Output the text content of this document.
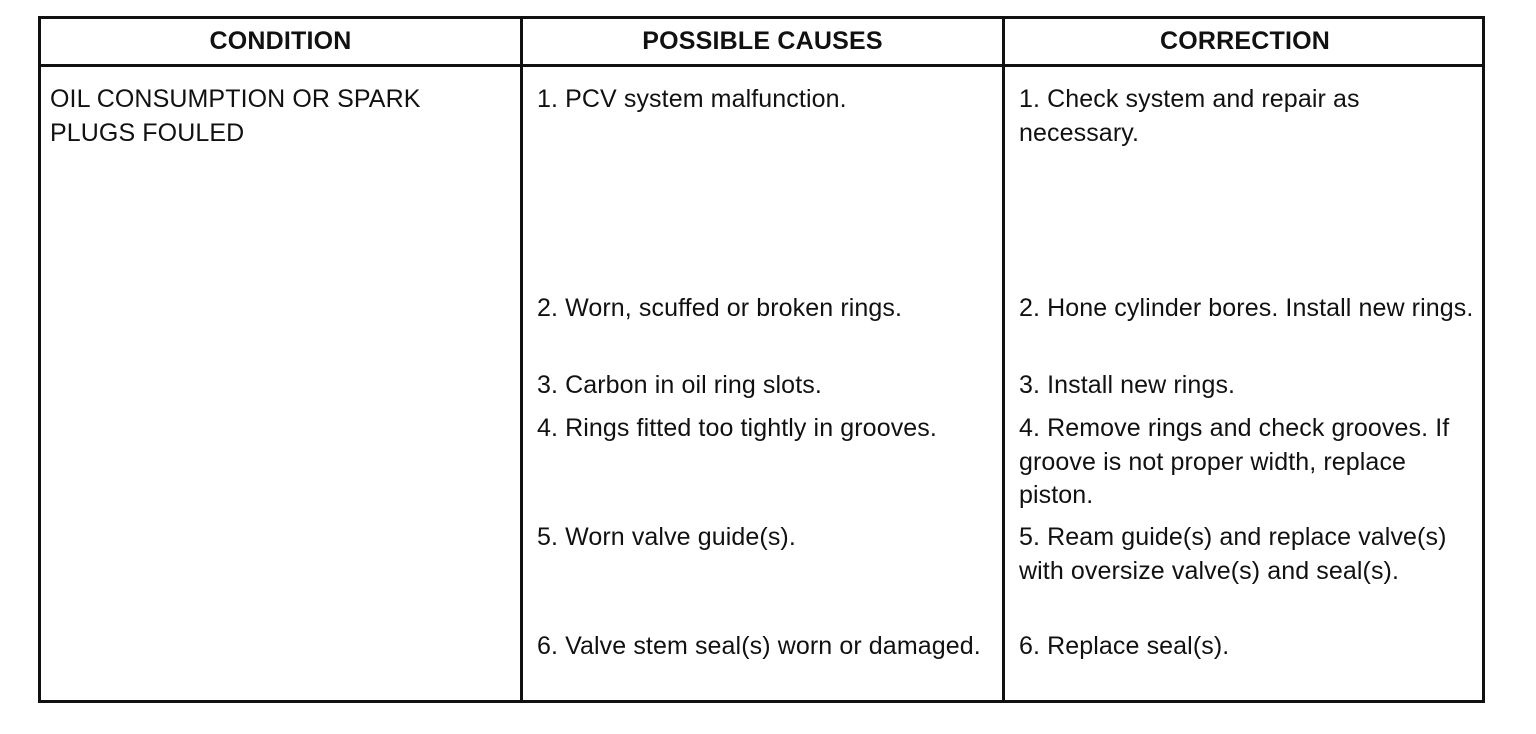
CONDITION	POSSIBLE CAUSES	CORRECTION
OIL CONSUMPTION OR SPARK PLUGS FOULED
1. PCV system malfunction.	1. Check system and repair as necessary.
2. Worn, scuffed or broken rings.	2. Hone cylinder bores. Install new rings.
3. Carbon in oil ring slots.	3. Install new rings.
4. Rings fitted too tightly in grooves.	4. Remove rings and check grooves. If groove is not proper width, replace piston.
5. Worn valve guide(s).	5. Ream guide(s) and replace valve(s) with oversize valve(s) and seal(s).
6. Valve stem seal(s) worn or damaged.	6. Replace seal(s).
